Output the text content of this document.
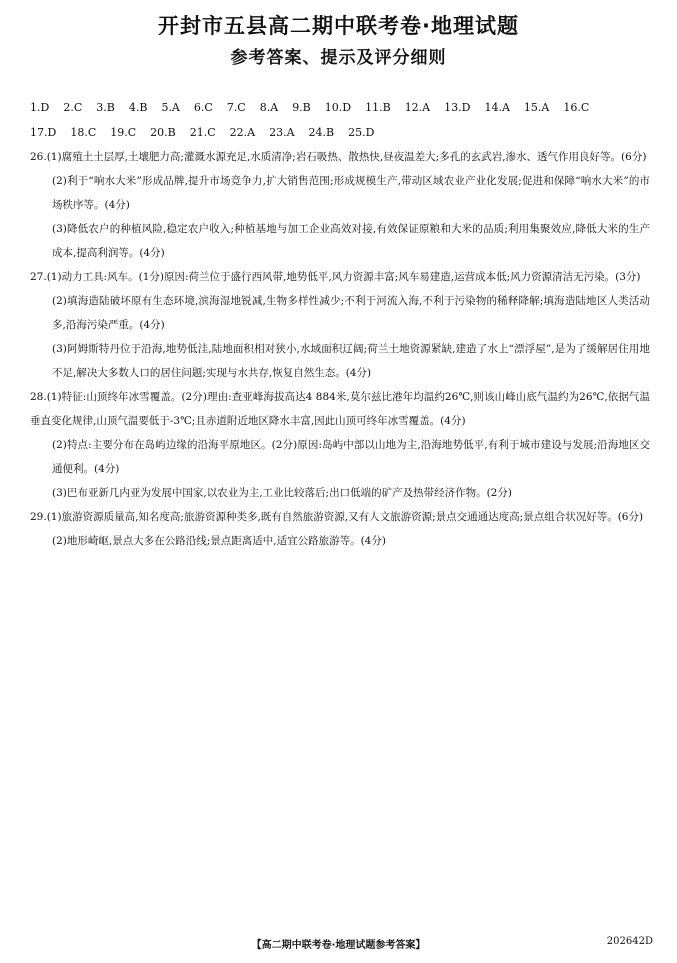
开封市五县高二期中联考卷·地理试题
参考答案、提示及评分细则
1.D 2.C 3.B 4.B 5.A 6.C 7.C 8.A 9.B 10.D 11.B 12.A 13.D 14.A 15.A 16.C
17.D 18.C 19.C 20.B 21.C 22.A 23.A 24.B 25.D
26.(1)腐殖土土层厚,土壤肥力高;灌溉水源充足,水质清净;岩石吸热、散热快,昼夜温差大;多孔的玄武岩,渗水、透气作用良好等。(6分)
(2)利于“响水大米”形成品牌,提升市场竞争力,扩大销售范围;形成规模生产,带动区域农业产业化发展;促进和保障“响水大米”的市场秩序等。(4分)
(3)降低农户的种植风险,稳定农户收入;种植基地与加工企业高效对接,有效保证原粮和大米的品质;利用集聚效应,降低大米的生产成本,提高利润等。(4分)
27.(1)动力工具:风车。(1分)原因:荷兰位于盛行西风带,地势低平,风力资源丰富;风车易建造,运营成本低;风力资源清洁无污染。(3分)
(2)填海造陆破坏原有生态环境,滨海湿地锐减,生物多样性减少;不利于河流入海,不利于污染物的稀释降解;填海造陆地区人类活动多,沿海污染严重。(4分)
(3)阿姆斯特丹位于沿海,地势低洼,陆地面积相对狭小,水域面积辽阔;荷兰土地资源紧缺,建造了水上“漂浮屋”,是为了缓解居住用地不足,解决大多数人口的居住问题;实现与水共存,恢复自然生态。(4分)
28.(1)特征:山顶终年冰雪覆盖。(2分)理由:查亚峰海拔高达4 884米,莫尔兹比港年均温约26℃,则该山峰山底气温约为26℃,依据气温垂直变化规律,山顶气温要低于-3℃;且赤道附近地区降水丰富,因此山顶可终年冰雪覆盖。(4分)
(2)特点:主要分布在岛屿边缘的沿海平原地区。(2分)原因:岛屿中部以山地为主,沿海地势低平,有利于城市建设与发展;沿海地区交通便利。(4分)
(3)巴布亚新几内亚为发展中国家,以农业为主,工业比较落后;出口低端的矿产及热带经济作物。(2分)
29.(1)旅游资源质量高,知名度高;旅游资源种类多,既有自然旅游资源,又有人文旅游资源;景点交通通达度高;景点组合状况好等。(6分)
(2)地形崎岖,景点大多在公路沿线;景点距离适中,适宜公路旅游等。(4分)
【高二期中联考卷·地理试题参考答案】	202642D
